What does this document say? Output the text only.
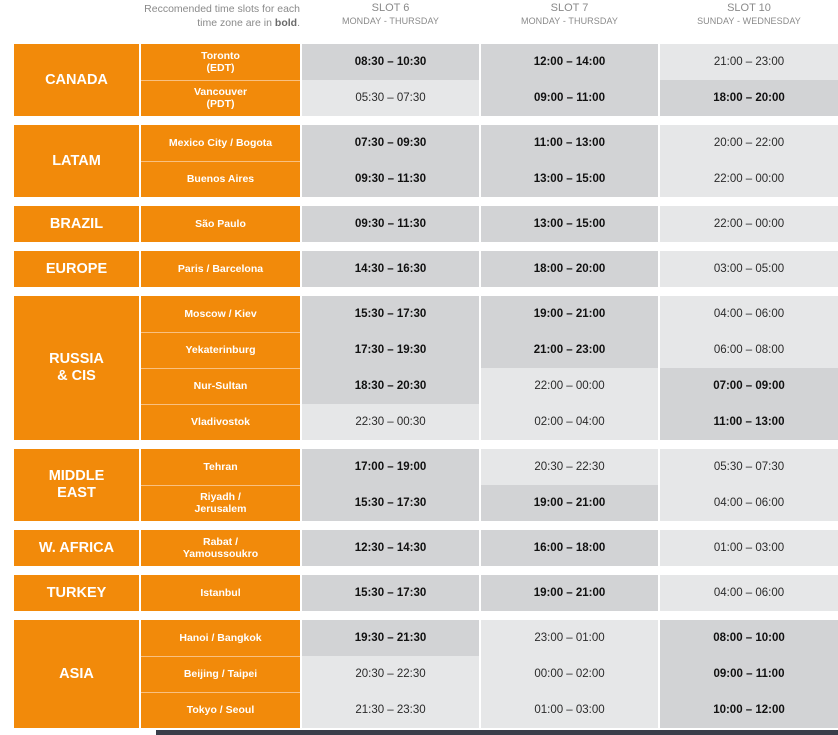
Reccomended time slots for each time zone are in bold.
SLOT 6
MONDAY - THURSDAY
SLOT 7
MONDAY - THURSDAY
SLOT 10
SUNDAY - WEDNESDAY
CANADA
Toronto
(EDT)	08:30 – 10:30	12:00 – 14:00	21:00 – 23:00
Vancouver
(PDT)	05:30 – 07:30	09:00 – 11:00	18:00 – 20:00
LATAM
Mexico City / Bogota	07:30 – 09:30	11:00 – 13:00	20:00 – 22:00
Buenos Aires	09:30 – 11:30	13:00 – 15:00	22:00 – 00:00
BRAZIL	São Paulo	09:30 – 11:30	13:00 – 15:00	22:00 – 00:00
EUROPE	Paris / Barcelona	14:30 – 16:30	18:00 – 20:00	03:00 – 05:00
RUSSIA
& CIS
Moscow / Kiev	15:30 – 17:30	19:00 – 21:00	04:00 – 06:00
Yekaterinburg	17:30 – 19:30	21:00 – 23:00	06:00 – 08:00
Nur-Sultan	18:30 – 20:30	22:00 – 00:00	07:00 – 09:00
Vladivostok	22:30 – 00:30	02:00 – 04:00	11:00 – 13:00
MIDDLE
EAST
Tehran	17:00 – 19:00	20:30 – 22:30	05:30 – 07:30
Riyadh /
Jerusalem	15:30 – 17:30	19:00 – 21:00	04:00 – 06:00
W. AFRICA	Rabat /
Yamoussoukro	12:30 – 14:30	16:00 – 18:00	01:00 – 03:00
TURKEY	Istanbul	15:30 – 17:30	19:00 – 21:00	04:00 – 06:00
ASIA
Hanoi / Bangkok	19:30 – 21:30	23:00 – 01:00	08:00 – 10:00
Beijing / Taipei	20:30 – 22:30	00:00 – 02:00	09:00 – 11:00
Tokyo / Seoul	21:30 – 23:30	01:00 – 03:00	10:00 – 12:00
